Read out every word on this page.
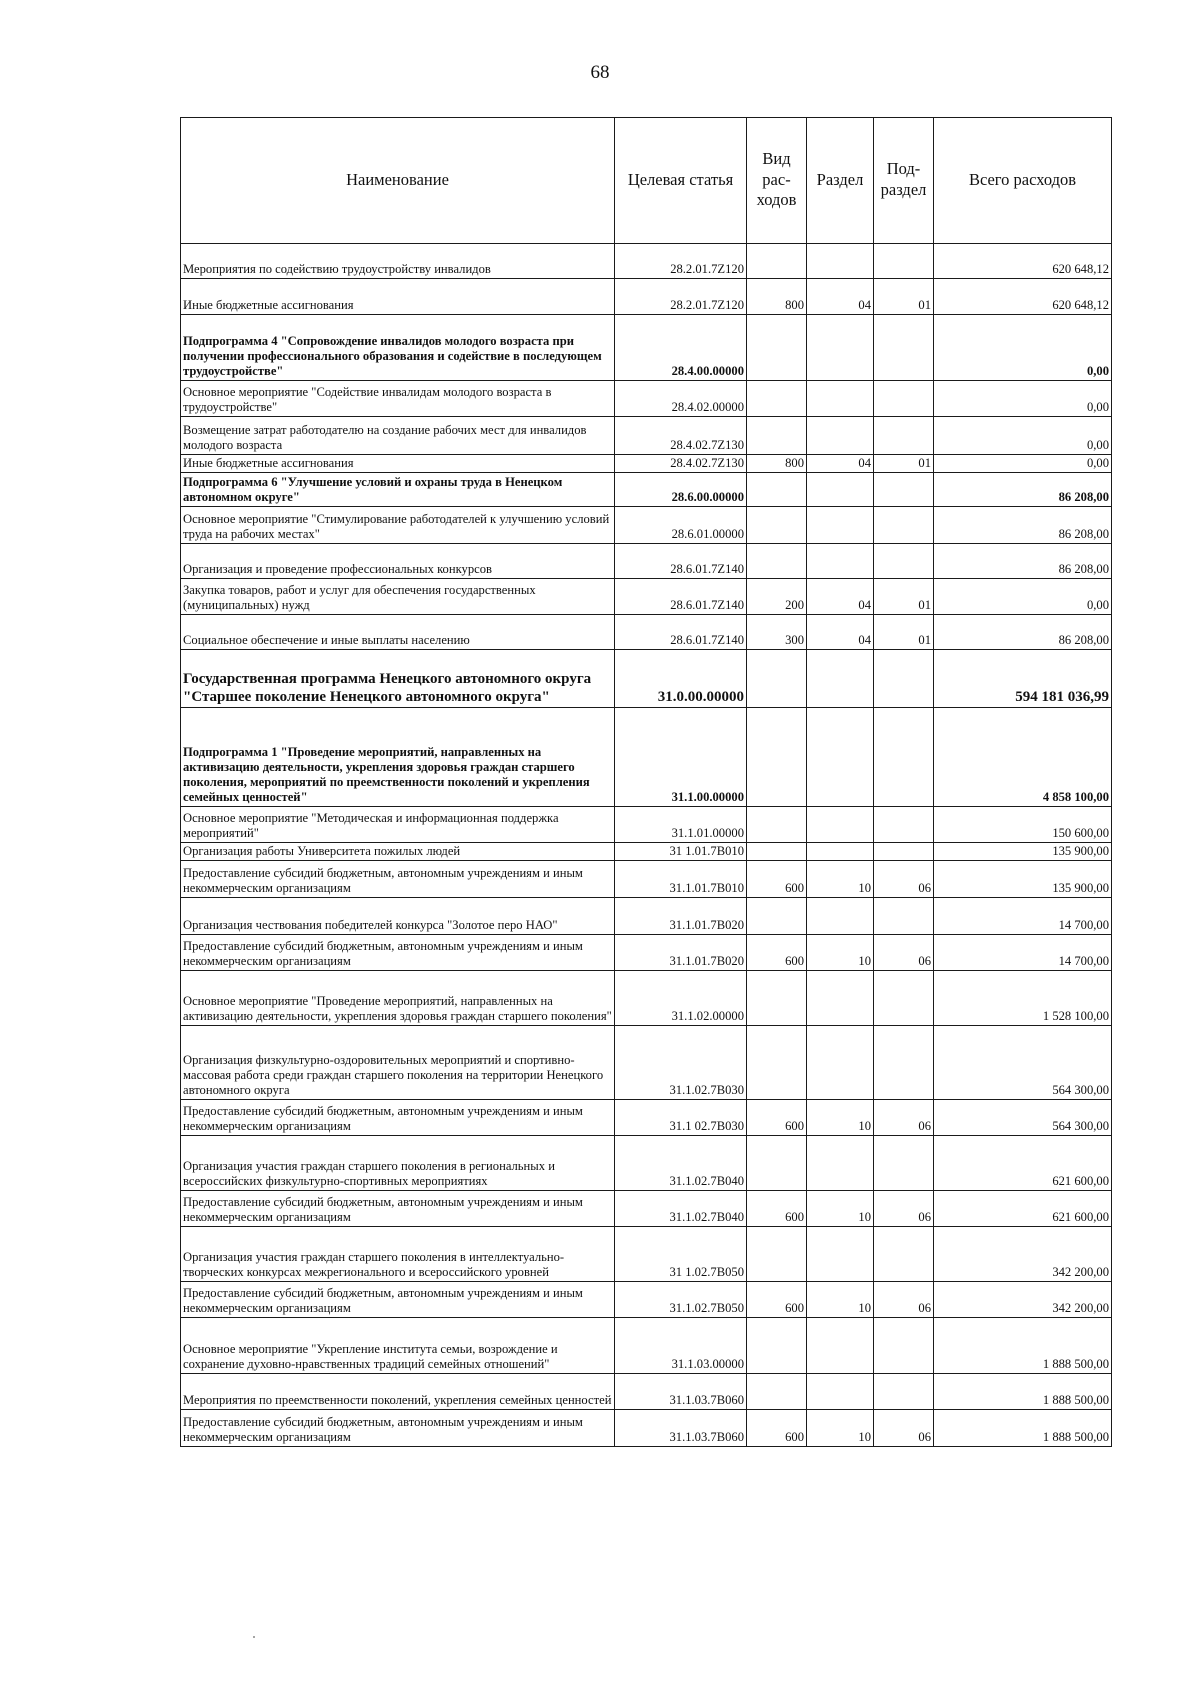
68
Наименование	Целевая статья	Вид рас-ходов	Раздел	Под-раздел	Всего расходов
Мероприятия по содействию трудоустройству инвалидов	28.2.01.7Z120				620 648,12
Иные бюджетные ассигнования	28.2.01.7Z120	800	04	01	620 648,12
Подпрограмма 4 "Сопровождение инвалидов молодого возраста при получении профессионального образования и содействие в последующем трудоустройстве"	28.4.00.00000				0,00
Основное мероприятие "Содействие инвалидам молодого возраста в трудоустройстве"	28.4.02.00000				0,00
Возмещение затрат работодателю на создание рабочих мест для инвалидов молодого возраста	28.4.02.7Z130				0,00
Иные бюджетные ассигнования	28.4.02.7Z130	800	04	01	0,00
Подпрограмма 6 "Улучшение условий и охраны труда в Ненецком автономном округе"	28.6.00.00000				86 208,00
Основное мероприятие "Стимулирование работодателей к улучшению условий труда на рабочих местах"	28.6.01.00000				86 208,00
Организация и проведение профессиональных конкурсов	28.6.01.7Z140				86 208,00
Закупка товаров, работ и услуг для обеспечения государственных (муниципальных) нужд	28.6.01.7Z140	200	04	01	0,00
Социальное обеспечение и иные выплаты населению	28.6.01.7Z140	300	04	01	86 208,00
Государственная программа Ненецкого автономного округа "Старшее поколение Ненецкого автономного округа"	31.0.00.00000				594 181 036,99
Подпрограмма 1 "Проведение мероприятий, направленных на активизацию деятельности, укрепления здоровья граждан старшего поколения, мероприятий по преемственности поколений и укрепления семейных ценностей"	31.1.00.00000				4 858 100,00
Основное мероприятие "Методическая и информационная поддержка мероприятий"	31.1.01.00000				150 600,00
Организация работы Университета пожилых людей	31 1.01.7В010				135 900,00
Предоставление субсидий бюджетным, автономным учреждениям и иным некоммерческим организациям	31.1.01.7В010	600	10	06	135 900,00
Организация чествования победителей конкурса "Золотое перо НАО"	31.1.01.7В020				14 700,00
Предоставление субсидий бюджетным, автономным учреждениям и иным некоммерческим организациям	31.1.01.7В020	600	10	06	14 700,00
Основное мероприятие "Проведение мероприятий, направленных на активизацию деятельности, укрепления здоровья граждан старшего поколения"	31.1.02.00000				1 528 100,00
Организация физкультурно-оздоровительных мероприятий и спортивно-массовая работа среди граждан старшего поколения на территории Ненецкого автономного округа	31.1.02.7В030				564 300,00
Предоставление субсидий бюджетным, автономным учреждениям и иным некоммерческим организациям	31.1 02.7В030	600	10	06	564 300,00
Организация участия граждан старшего поколения в региональных и всероссийских физкультурно-спортивных мероприятиях	31.1.02.7В040				621 600,00
Предоставление субсидий бюджетным, автономным учреждениям и иным некоммерческим организациям	31.1.02.7В040	600	10	06	621 600,00
Организация участия граждан старшего поколения в интеллектуально-творческих конкурсах межрегионального и всероссийского уровней	31 1.02.7В050				342 200,00
Предоставление субсидий бюджетным, автономным учреждениям и иным некоммерческим организациям	31.1.02.7В050	600	10	06	342 200,00
Основное мероприятие "Укрепление института семьи, возрождение и сохранение духовно-нравственных традиций семейных отношений"	31.1.03.00000				1 888 500,00
Мероприятия по преемственности поколений, укрепления семейных ценностей	31.1.03.7В060				1 888 500,00
Предоставление субсидий бюджетным, автономным учреждениям и иным некоммерческим организациям	31.1.03.7В060	600	10	06	1 888 500,00
